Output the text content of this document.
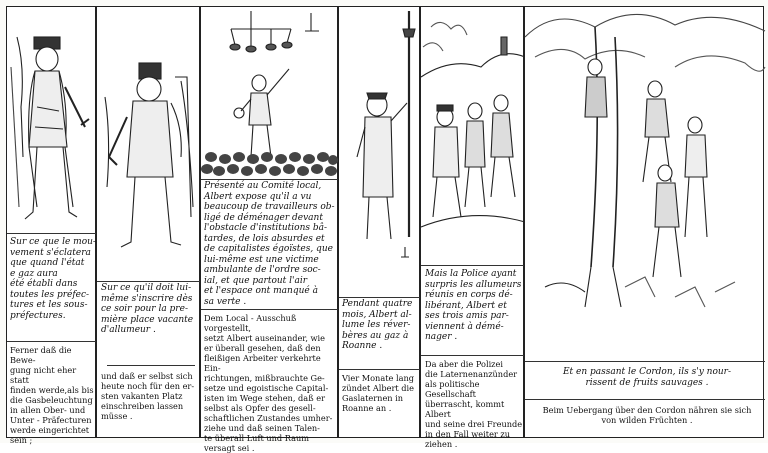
Sur ce que le mou-
vement s'éclatera
que quand l'état
e gaz aura
été établi dans
toutes les préfec-
tures et les sous-
préfectures.
Ferner daß die Bewe-
gung nicht eher statt
finden werde,als bis
die Gasbeleuchtung
in allen Ober- und
Unter - Präfecturen
werde eingerichtet
sein ;
Sur ce qu'il doit lui-
même s'inscrire dès
ce soir pour la pre-
mière place vacante
d'allumeur .
und daß er selbst sich
heute noch für den er-
sten vakanten Platz
einschreiben lassen
müsse .
Présenté au Comité local,
Albert expose qu'il a vu
beaucoup de travailleurs ob-
ligé de déménager devant
l'obstacle d'institutions bâ-
tardes, de lois absurdes et
de capitalistes égoïstes, que
lui-même est une victime
ambulante de l'ordre soc-
ial, et que partout l'air
et l'espace ont manqué à
sa verte .
Dem Local - Ausschuß vorgestellt,
setzt Albert auseinander, wie
er überall gesehen, daß den
fleißigen Arbeiter verkehrte Ein-
richtungen, mißbrauchte Ge-
setze und egoistische Capital-
isten im Wege stehen, daß er
selbst als Opfer des gesell-
schaftlichen Zustandes umher-
ziehe und daß seinen Talen-
te überall Luft und Raum
versagt sei .
Pendant quatre
mois, Albert al-
lume les réver-
bères au gaz à
Roanne .
Vier Monate lang
zündet Albert die
Gaslaternen in
Roanne an .
Mais la Police ayant
surpris les allumeurs
réunis en corps dé-
libérant, Albert et
ses trois amis par-
viennent à démé-
nager .
Da aber die Polizei
die Laternenanzünder
als politische Gesellschaft
überrascht, kommt Albert
und seine drei Freunde
in den Fall weiter zu
ziehen .
Et en passant le Cordon, ils s'y nour-
rissent de fruits sauvages .
Beim Uebergang über den Cordon nähren sie sich
von wilden Früchten .
